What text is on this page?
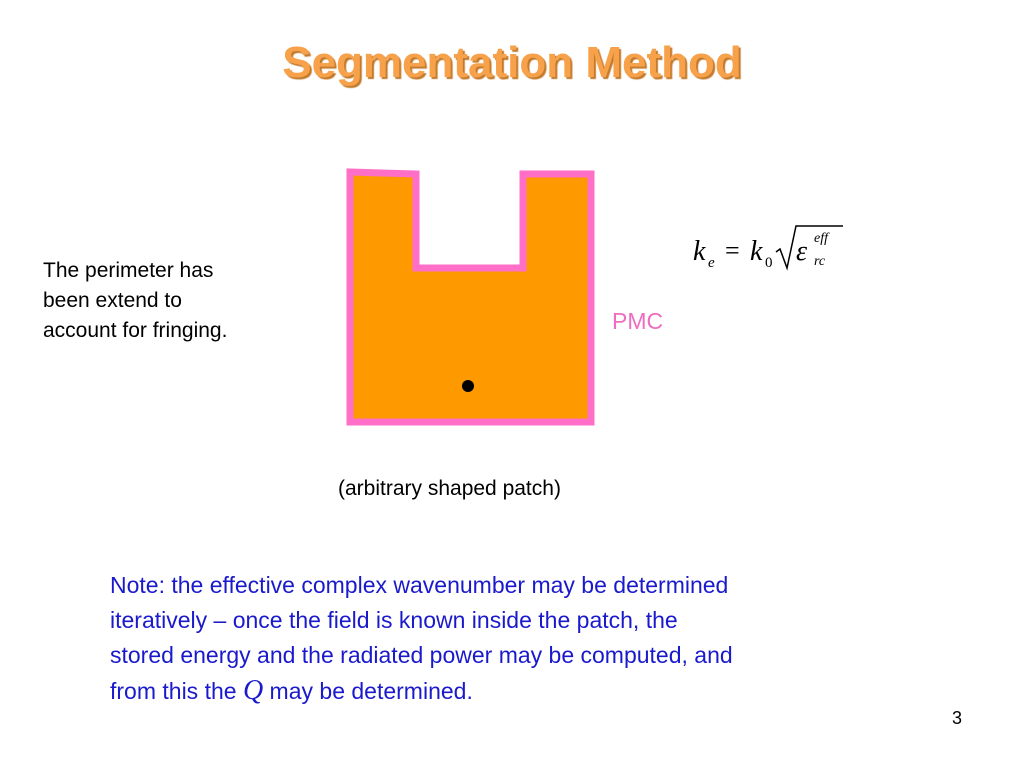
Segmentation Method
The perimeter has
been extend to
account for fringing.	PMC
k e = k 0 ε eff
rc
(arbitrary shaped patch)
Note: the effective complex wavenumber may be determined
iteratively – once the field is known inside the patch, the
stored energy and the radiated power may be computed, and
from this the Q may be determined.
3
